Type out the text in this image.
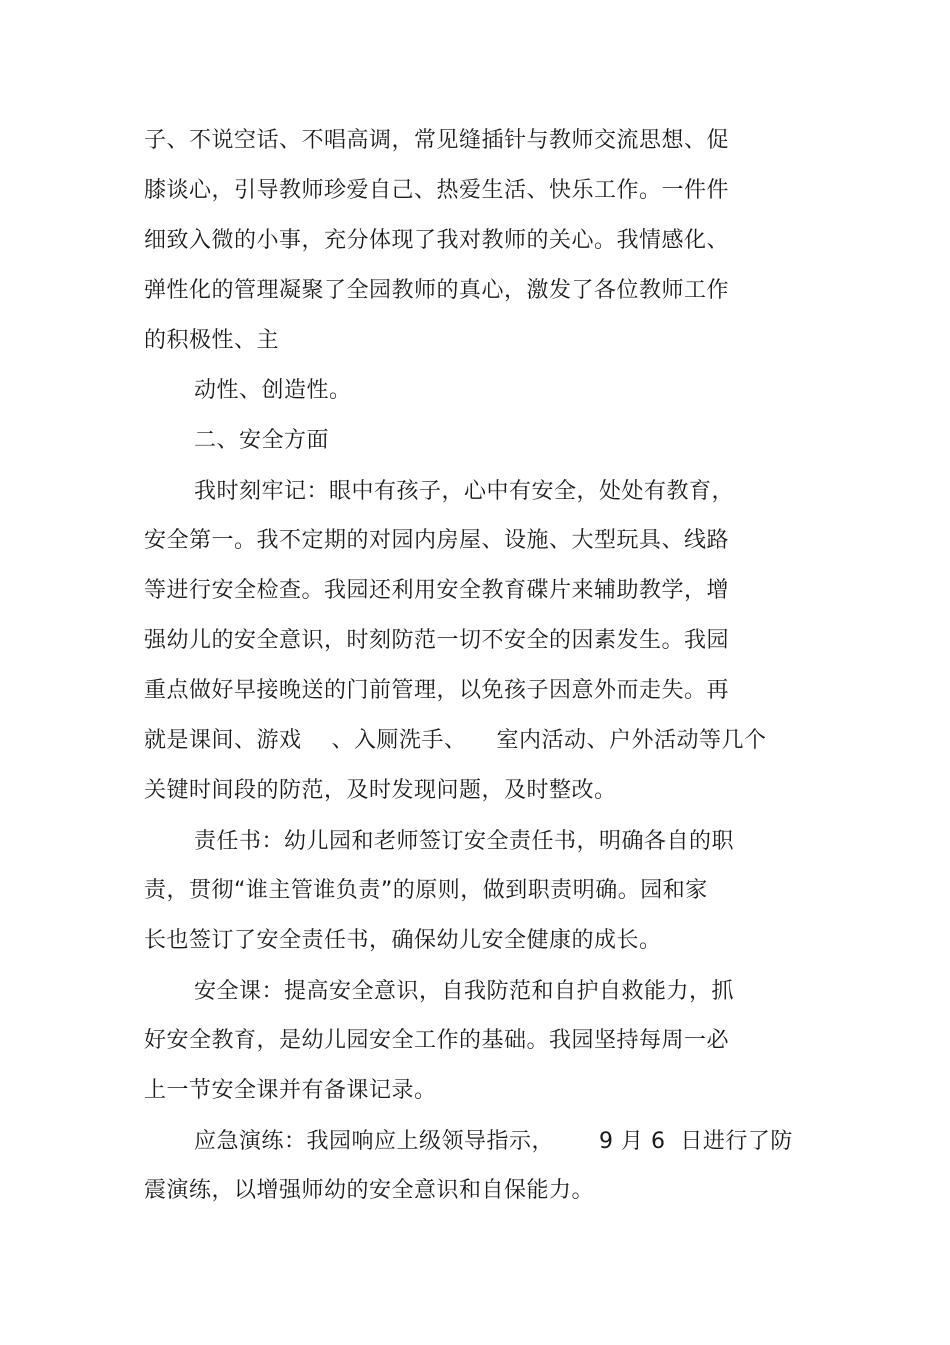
子、不说空话、不唱高调，常见缝插针与教师交流思想、促
膝谈心，引导教师珍爱自己、热爱生活、快乐工作。一件件
细致入微的小事，充分体现了我对教师的关心。我情感化、
弹性化的管理凝聚了全园教师的真心，激发了各位教师工作
的积极性、主
动性、创造性。
二、安全方面
我时刻牢记：眼中有孩子，心中有安全，处处有教育，
安全第一。我不定期的对园内房屋、设施、大型玩具、线路
等进行安全检查。我园还利用安全教育碟片来辅助教学，增
强幼儿的安全意识，时刻防范一切不安全的因素发生。我园
重点做好早接晚送的门前管理，以免孩子因意外而走失。再
就是课间、游戏    、入厕洗手、    室内活动、户外活动等几个
关键时间段的防范，及时发现问题，及时整改。
责任书：幼儿园和老师签订安全责任书，明确各自的职
责，贯彻“谁主管谁负责”的原则，做到职责明确。园和家
长也签订了安全责任书，确保幼儿安全健康的成长。
安全课：提高安全意识，自我防范和自护自救能力，抓
好安全教育，是幼儿园安全工作的基础。我园坚持每周一必
上一节安全课并有备课记录。
应急演练：我园响应上级领导指示，      9 月 6  日进行了防
震演练，以增强师幼的安全意识和自保能力。
